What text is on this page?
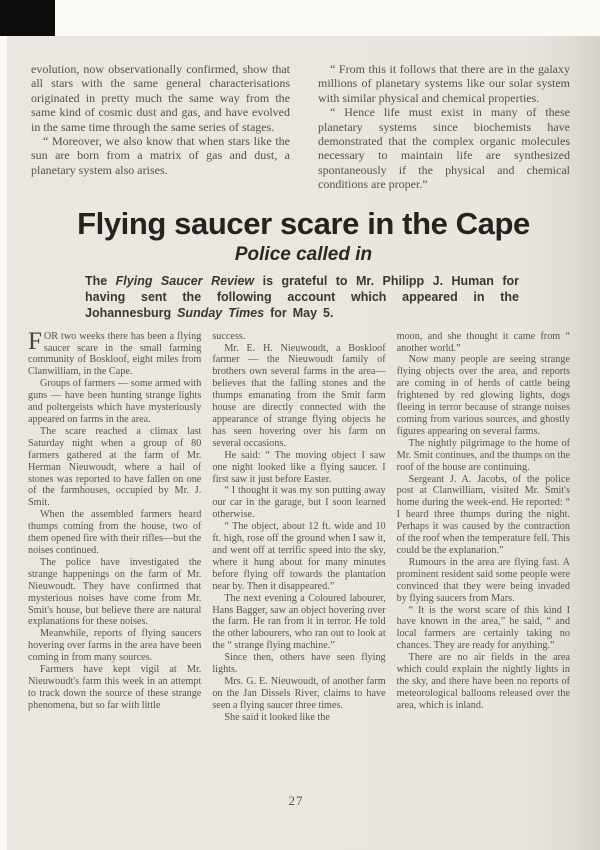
evolution, now observationally confirmed, show that all stars with the same general characterisations originated in pretty much the same way from the same kind of cosmic dust and gas, and have evolved in the same time through the same series of stages.

“ Moreover, we also know that when stars like the sun are born from a matrix of gas and dust, a planetary system also arises.

“ From this it follows that there are in the galaxy millions of planetary systems like our solar system with similar physical and chemical properties.

“ Hence life must exist in many of these planetary systems since biochemists have demonstrated that the complex organic molecules necessary to maintain life are synthesized spontaneously if the physical and chemical conditions are proper.”

Flying saucer scare in the Cape
Police called in

The Flying Saucer Review is grateful to Mr. Philipp J. Human for having sent the following account which appeared in the Johannesburg Sunday Times for May 5.

FOR two weeks there has been a flying saucer scare in the small farming community of Boskloof, eight miles from Clanwilliam, in the Cape.

Groups of farmers — some armed with guns — have been hunting strange lights and poltergeists which have mysteriously appeared on farms in the area.

The scare reached a climax last Saturday night when a group of 80 farmers gathered at the farm of Mr. Herman Nieuwoudt, where a hail of stones was reported to have fallen on one of the farmhouses, occupied by Mr. J. Smit.

When the assembled farmers heard thumps coming from the house, two of them opened fire with their rifles—but the noises continued.

The police have investigated the strange happenings on the farm of Mr. Nieuwoudt. They have confirmed that mysterious noises have come from Mr. Smit's house, but believe there are natural explanations for these noises.

Meanwhile, reports of flying saucers hovering over farms in the area have been coming in from many sources.

Farmers have kept vigil at Mr. Nieuwoudt's farm this week in an attempt to track down the source of these strange phenomena, but so far with little

success.

Mr. E. H. Nieuwoudt, a Boskloof farmer — the Nieuwoudt family of brothers own several farms in the area—believes that the falling stones and the thumps emanating from the Smit farm house are directly connected with the appearance of strange flying objects he has seen hovering over his farm on several occasions.

He said: “ The moving object I saw one night looked like a flying saucer. I first saw it just before Easter.

“ I thought it was my son putting away our car in the garage, but I soon learned otherwise.

“ The object, about 12 ft. wide and 10 ft. high, rose off the ground when I saw it, and went off at terrific speed into the sky, where it hung about for many minutes before flying off towards the plantation near by. Then it disappeared.”

The next evening a Coloured labourer, Hans Bagger, saw an object hovering over the farm. He ran from it in terror. He told the other labourers, who ran out to look at the “ strange flying machine.”

Since then, others have seen flying lights.

Mrs. G. E. Nieuwoudt, of another farm on the Jan Dissels River, claims to have seen a flying saucer three times.

She said it looked like the

moon, and she thought it came from “ another world.”

Now many people are seeing strange flying objects over the area, and reports are coming in of herds of cattle being frightened by red glowing lights, dogs fleeing in terror because of strange noises coming from various sources, and ghostly figures appearing on several farms.

The nightly pilgrimage to the home of Mr. Smit continues, and the thumps on the roof of the house are continuing.

Sergeant J. A. Jacobs, of the police post at Clanwilliam, visited Mr. Smit's home during the week-end. He reported: “ I heard three thumps during the night. Perhaps it was caused by the contraction of the roof when the temperature fell. This could be the explanation.”

Rumours in the area are flying fast. A prominent resident said some people were convinced that they were being invaded by flying saucers from Mars.

“ It is the worst scare of this kind I have known in the area,” he said, “ and local farmers are certainly taking no chances. They are ready for anything.”

There are no air fields in the area which could explain the nightly lights in the sky, and there have been no reports of meteorological balloons released over the area, which is inland.

27
